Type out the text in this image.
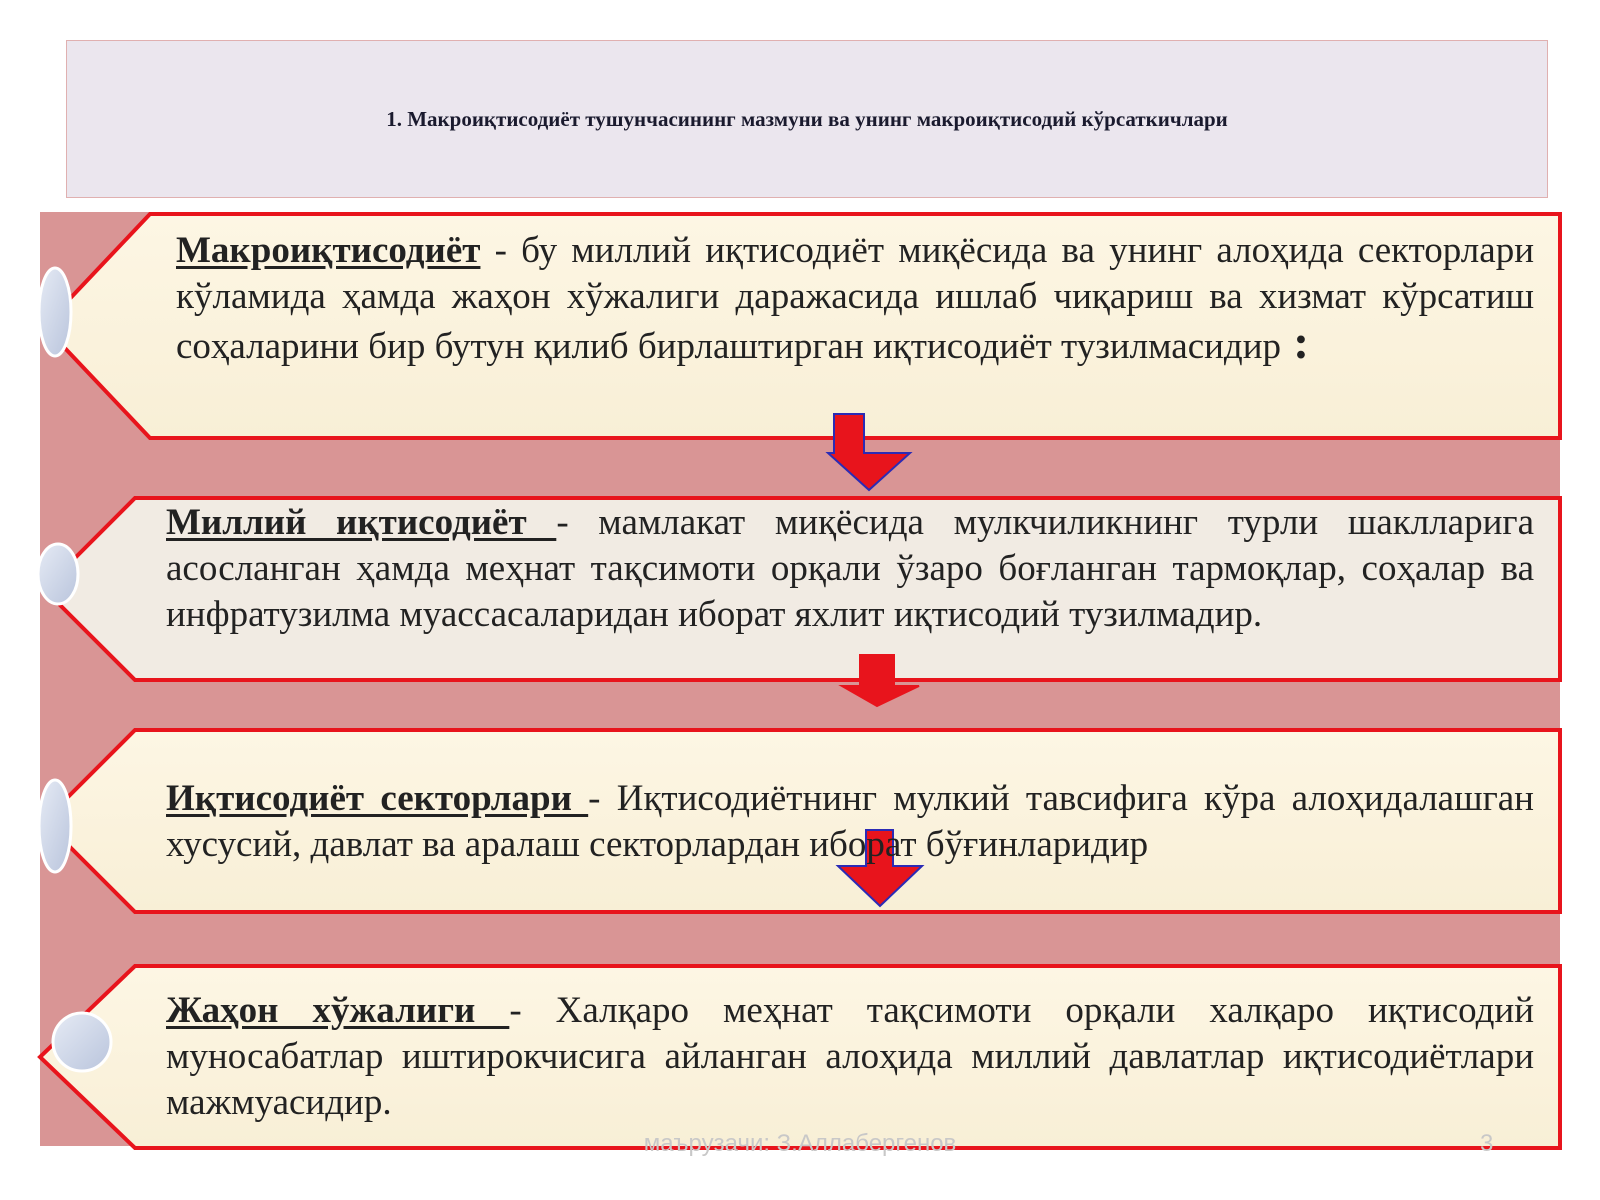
1. Макроиқтисодиёт тушунчасининг мазмуни ва унинг макроиқтисодий кўрсаткичлари
Макроиқтисодиёт - бу миллий иқтисодиёт миқёсида ва унинг алоҳида секторлари кўламида ҳамда жаҳон хўжалиги даражасида ишлаб чиқариш ва хизмат кўрсатиш соҳаларини бир бутун қилиб бирлаштирган иқтисодиёт тузилмасидир :
Миллий иқтисодиёт - мамлакат миқёсида мулкчиликнинг турли шаклларига асосланган ҳамда меҳнат тақсимоти орқали ўзаро боғланган тармоқлар, соҳалар ва инфратузилма муассасаларидан иборат яхлит иқтисодий тузилмадир.
Иқтисодиёт секторлари - Иқтисодиётнинг мулкий тавсифига кўра алоҳидалашган хусусий, давлат ва аралаш секторлардан иборат бўғинларидир
Жаҳон хўжалиги - Халқаро меҳнат тақсимоти орқали халқаро иқтисодий муносабатлар иштирокчисига айланган алоҳида миллий давлатлар иқтисодиётлари мажмуасидир.
маърузачи: З.Аллабергенов	3
